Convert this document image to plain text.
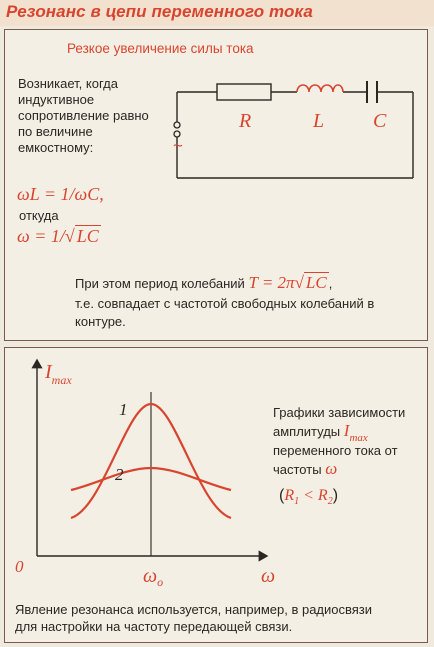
Резонанс в цепи переменного тока
Резкое увеличение силы тока
Возникает, когда
индуктивное
сопротивление равно
по величине
емкостному:	~
R	L C
ωL = 1/ωC,
откуда
ω = 1/√ LC
При этом период колебаний T = 2π√ LC ,
т.е. совпадает с частотой свободных колебаний в
контуре.
1
2
$I_{max}$
0	$\omega_o$	ω
Графики зависимости
амплитуды $I_{max}$
переменного тока от
частоты ω
$(R_1 < R_2)$
Явление резонанса используется, например, в радиосвязи
для настройки на частоту передающей связи.
